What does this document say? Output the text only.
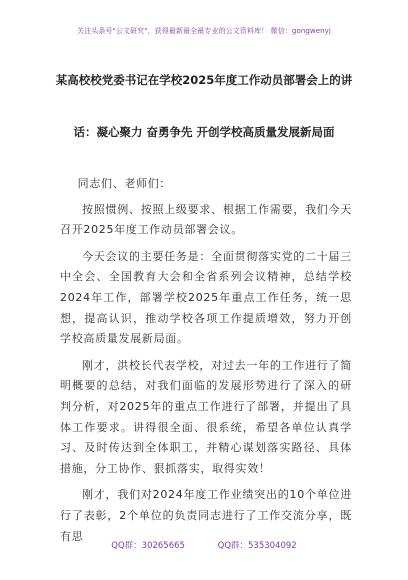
关注头条号"公文研究"，获得最新最全最专业的公文资料库！ 微信：gongwenyj
某高校校党委书记在学校2025年度工作动员部署会上的讲
话：凝心聚力 奋勇争先 开创学校高质量发展新局面

同志们、老师们：

按照惯例、按照上级要求、根据工作需要，我们今天召开2025年度工作动员部署会议。

今天会议的主要任务是：全面贯彻落实党的二十届三中全会、全国教育大会和全省系列会议精神，总结学校2024年工作，部署学校2025年重点工作任务，统一思想，提高认识，推动学校各项工作提质增效，努力开创学校高质量发展新局面。

刚才，洪校长代表学校，对过去一年的工作进行了简明概要的总结，对我们面临的发展形势进行了深入的研判分析，对2025年的重点工作进行了部署，并提出了具体工作要求。讲得很全面、很系统，希望各单位认真学习、及时传达到全体职工，并精心谋划落实路径、具体措施，分工协作、狠抓落实，取得实效！

刚才，我们对2024年度工作业绩突出的10个单位进行了表彰，2个单位的负责同志进行了工作交流分享，既有思

QQ群：30265665	QQ群：535304092
